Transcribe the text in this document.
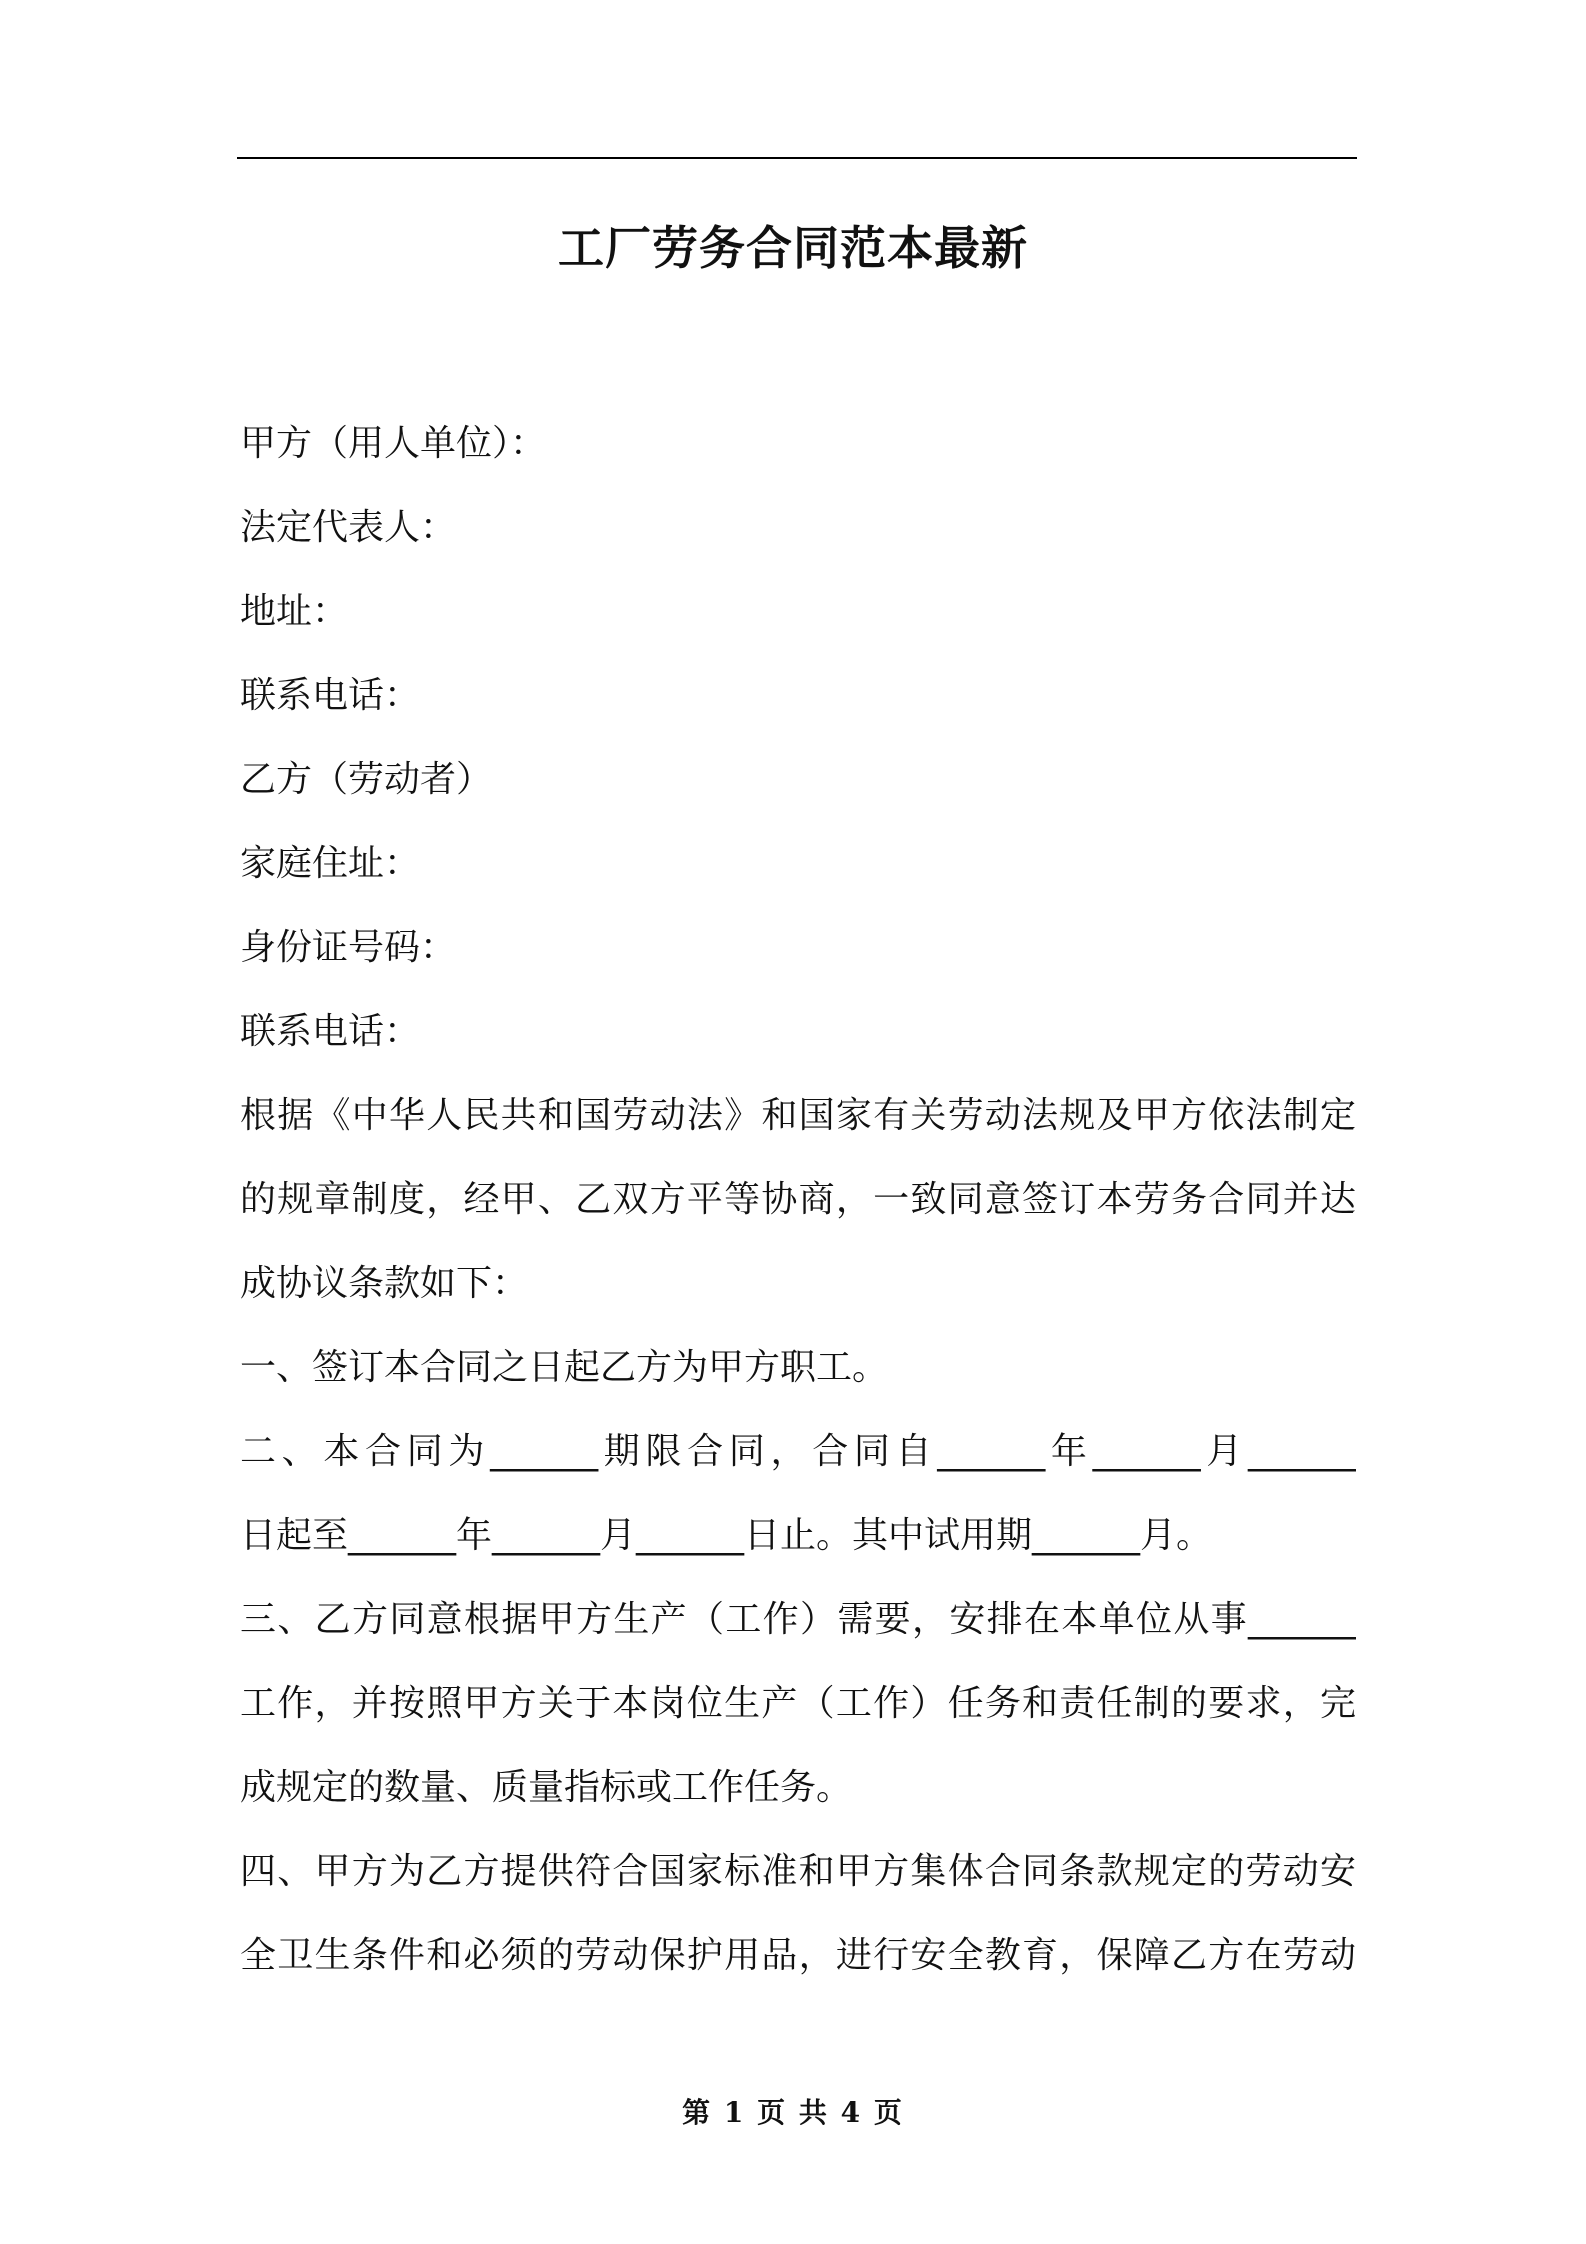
工厂劳务合同范本最新
甲方（用人单位）：
法定代表人：
地址：
联系电话：
乙方（劳动者）
家庭住址：
身份证号码：
联系电话：
根据《中华人民共和国劳动法》和国家有关劳动法规及甲方依法制定
的规章制度，经甲、乙双方平等协商，一致同意签订本劳务合同并达
成协议条款如下：
一、签订本合同之日起乙方为甲方职工。
二、本合同为______期限合同，合同自______年______月______
日起至______年______月______日止。其中试用期______月。
三、乙方同意根据甲方生产（工作）需要，安排在本单位从事______
工作，并按照甲方关于本岗位生产（工作）任务和责任制的要求，完
成规定的数量、质量指标或工作任务。
四、甲方为乙方提供符合国家标准和甲方集体合同条款规定的劳动安
全卫生条件和必须的劳动保护用品，进行安全教育，保障乙方在劳动
第 1 页 共 4 页
